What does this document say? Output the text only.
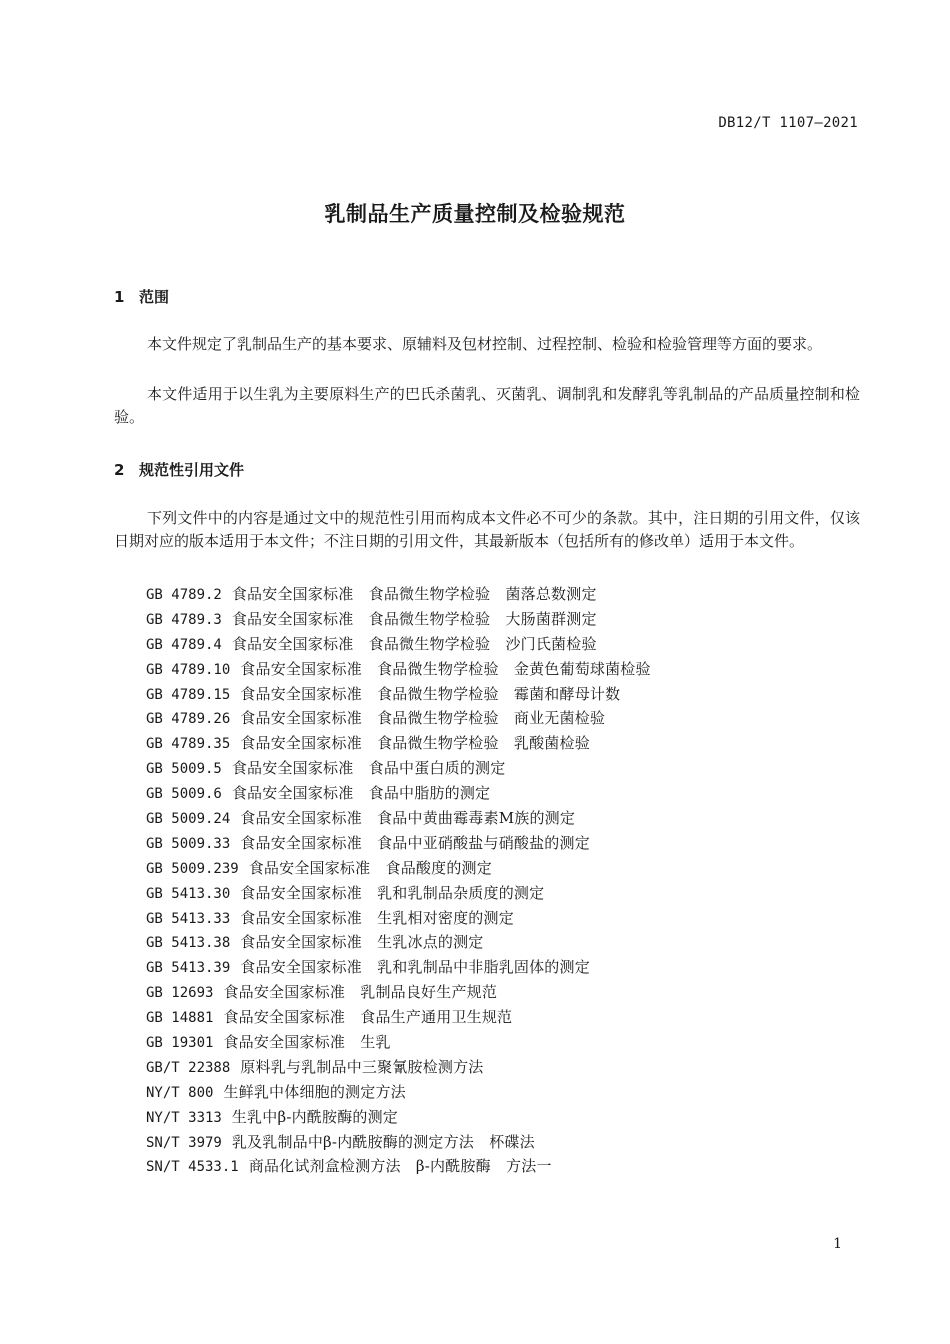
DB12/T 1107—2021
乳制品生产质量控制及检验规范
1 范围

本文件规定了乳制品生产的基本要求、原辅料及包材控制、过程控制、检验和检验管理等方面的要求。

本文件适用于以生乳为主要原料生产的巴氏杀菌乳、灭菌乳、调制乳和发酵乳等乳制品的产品质量控制和检验。

2 规范性引用文件

下列文件中的内容是通过文中的规范性引用而构成本文件必不可少的条款。其中，注日期的引用文件，仅该日期对应的版本适用于本文件；不注日期的引用文件，其最新版本（包括所有的修改单）适用于本文件。

GB 4789.2 食品安全国家标准　食品微生物学检验　菌落总数测定
GB 4789.3 食品安全国家标准　食品微生物学检验　大肠菌群测定
GB 4789.4 食品安全国家标准　食品微生物学检验　沙门氏菌检验
GB 4789.10 食品安全国家标准　食品微生物学检验　金黄色葡萄球菌检验
GB 4789.15 食品安全国家标准　食品微生物学检验　霉菌和酵母计数
GB 4789.26 食品安全国家标准　食品微生物学检验　商业无菌检验
GB 4789.35 食品安全国家标准　食品微生物学检验　乳酸菌检验
GB 5009.5 食品安全国家标准　食品中蛋白质的测定
GB 5009.6 食品安全国家标准　食品中脂肪的测定
GB 5009.24 食品安全国家标准　食品中黄曲霉毒素M族的测定
GB 5009.33 食品安全国家标准　食品中亚硝酸盐与硝酸盐的测定
GB 5009.239 食品安全国家标准　食品酸度的测定
GB 5413.30 食品安全国家标准　乳和乳制品杂质度的测定
GB 5413.33 食品安全国家标准　生乳相对密度的测定
GB 5413.38 食品安全国家标准　生乳冰点的测定
GB 5413.39 食品安全国家标准　乳和乳制品中非脂乳固体的测定
GB 12693 食品安全国家标准　乳制品良好生产规范
GB 14881 食品安全国家标准　食品生产通用卫生规范
GB 19301 食品安全国家标准　生乳
GB/T 22388 原料乳与乳制品中三聚氰胺检测方法
NY/T 800 生鲜乳中体细胞的测定方法
NY/T 3313 生乳中β-内酰胺酶的测定
SN/T 3979 乳及乳制品中β-内酰胺酶的测定方法　杯碟法
SN/T 4533.1 商品化试剂盒检测方法　β-内酰胺酶　方法一
1
